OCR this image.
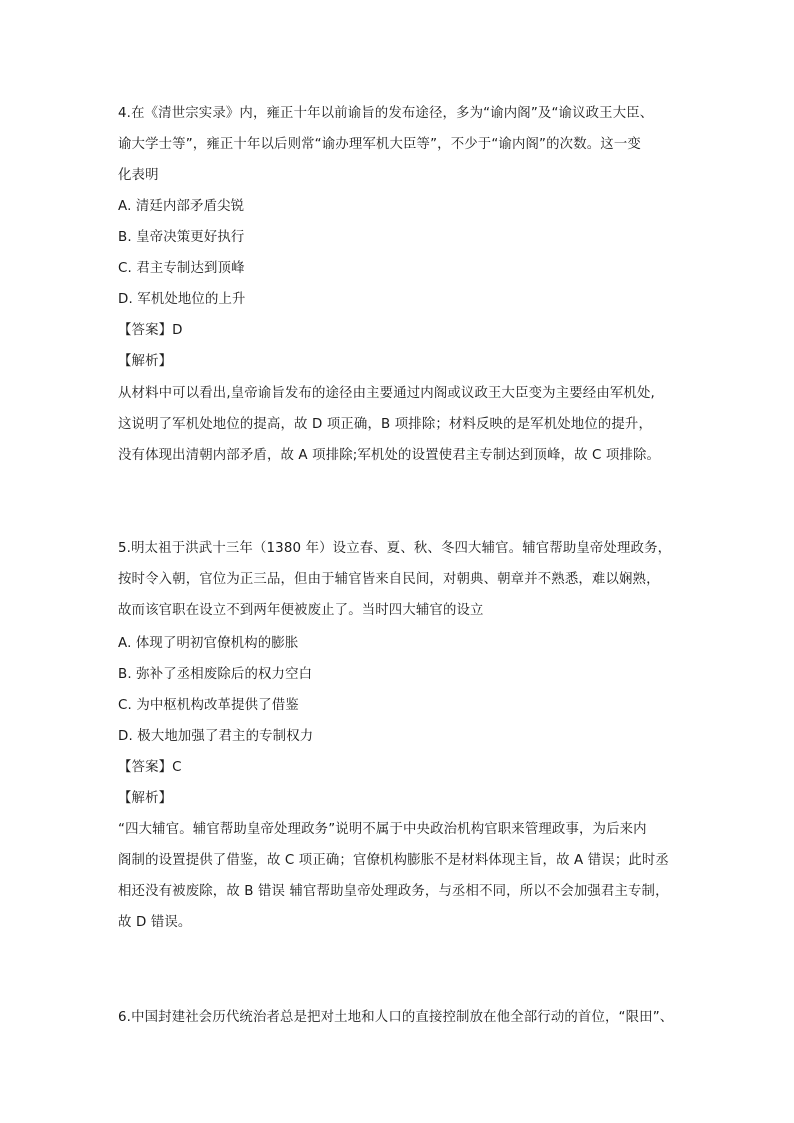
4.在《清世宗实录》内，雍正十年以前谕旨的发布途径，多为“谕内阁”及“谕议政王大臣、
谕大学士等”，雍正十年以后则常“谕办理军机大臣等”，不少于“谕内阁”的次数。这一变
化表明
A. 清廷内部矛盾尖锐
B. 皇帝决策更好执行
C. 君主专制达到顶峰
D. 军机处地位的上升
【答案】D
【解析】
从材料中可以看出,皇帝谕旨发布的途径由主要通过内阁或议政王大臣变为主要经由军机处,
这说明了军机处地位的提高，故 D 项正确，B 项排除；材料反映的是军机处地位的提升，
没有体现出清朝内部矛盾，故 A 项排除;军机处的设置使君主专制达到顶峰，故 C 项排除。
5.明太祖于洪武十三年（1380 年）设立春、夏、秋、冬四大辅官。辅官帮助皇帝处理政务，
按时令入朝，官位为正三品，但由于辅官皆来自民间，对朝典、朝章并不熟悉，难以娴熟，
故而该官职在设立不到两年便被废止了。当时四大辅官的设立
A. 体现了明初官僚机构的膨胀
B. 弥补了丞相废除后的权力空白
C. 为中枢机构改革提供了借鉴
D. 极大地加强了君主的专制权力
【答案】C
【解析】
“四大辅官。辅官帮助皇帝处理政务”说明不属于中央政治机构官职来管理政事，为后来内
阁制的设置提供了借鉴，故 C 项正确；官僚机构膨胀不是材料体现主旨，故 A 错误；此时丞
相还没有被废除，故 B 错误 辅官帮助皇帝处理政务，与丞相不同，所以不会加强君主专制，
故 D 错误。
6.中国封建社会历代统治者总是把对土地和人口的直接控制放在他全部行动的首位，“限田”、
